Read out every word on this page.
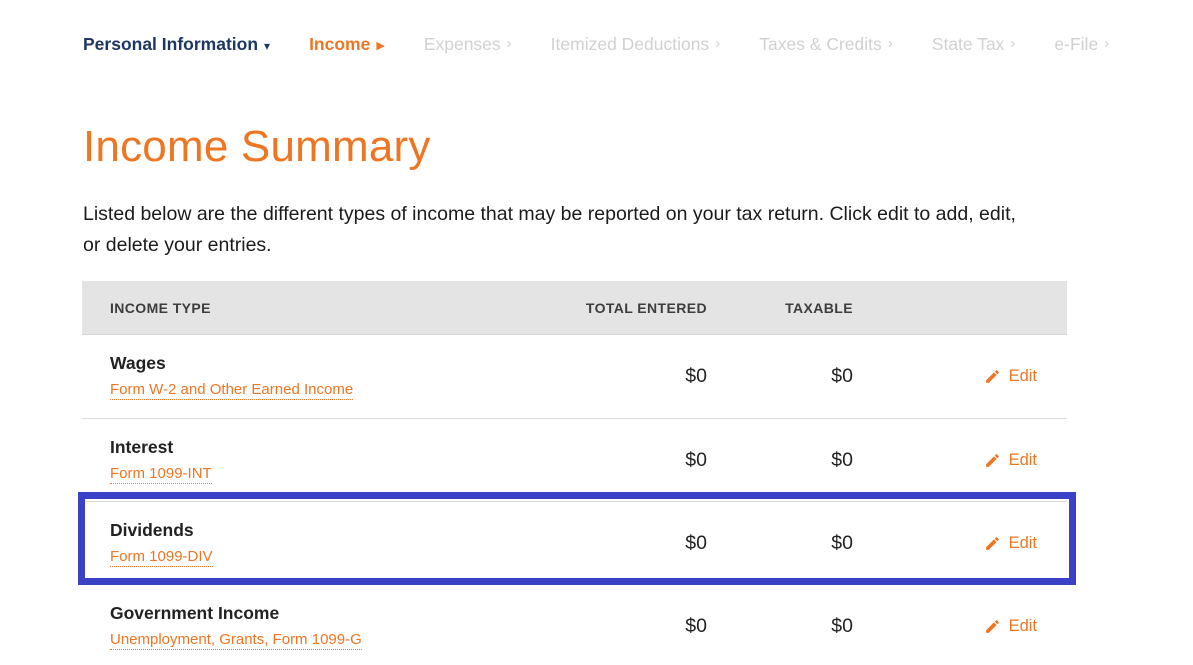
Personal Information ▾ Income ▶ Expenses › Itemized Deductions › Taxes & Credits › State Tax › e-File ›
Income Summary

Listed below are the different types of income that may be reported on your tax return. Click edit to add, edit, or delete your entries.

INCOME TYPE	TOTAL ENTERED	TAXABLE
Wages
Form W-2 and Other Earned Income
$0	$0	Edit
Interest
Form 1099-INT
$0	$0	Edit
Dividends
Form 1099-DIV
$0	$0	Edit
Government Income
Unemployment, Grants, Form 1099-G
$0	$0	Edit
